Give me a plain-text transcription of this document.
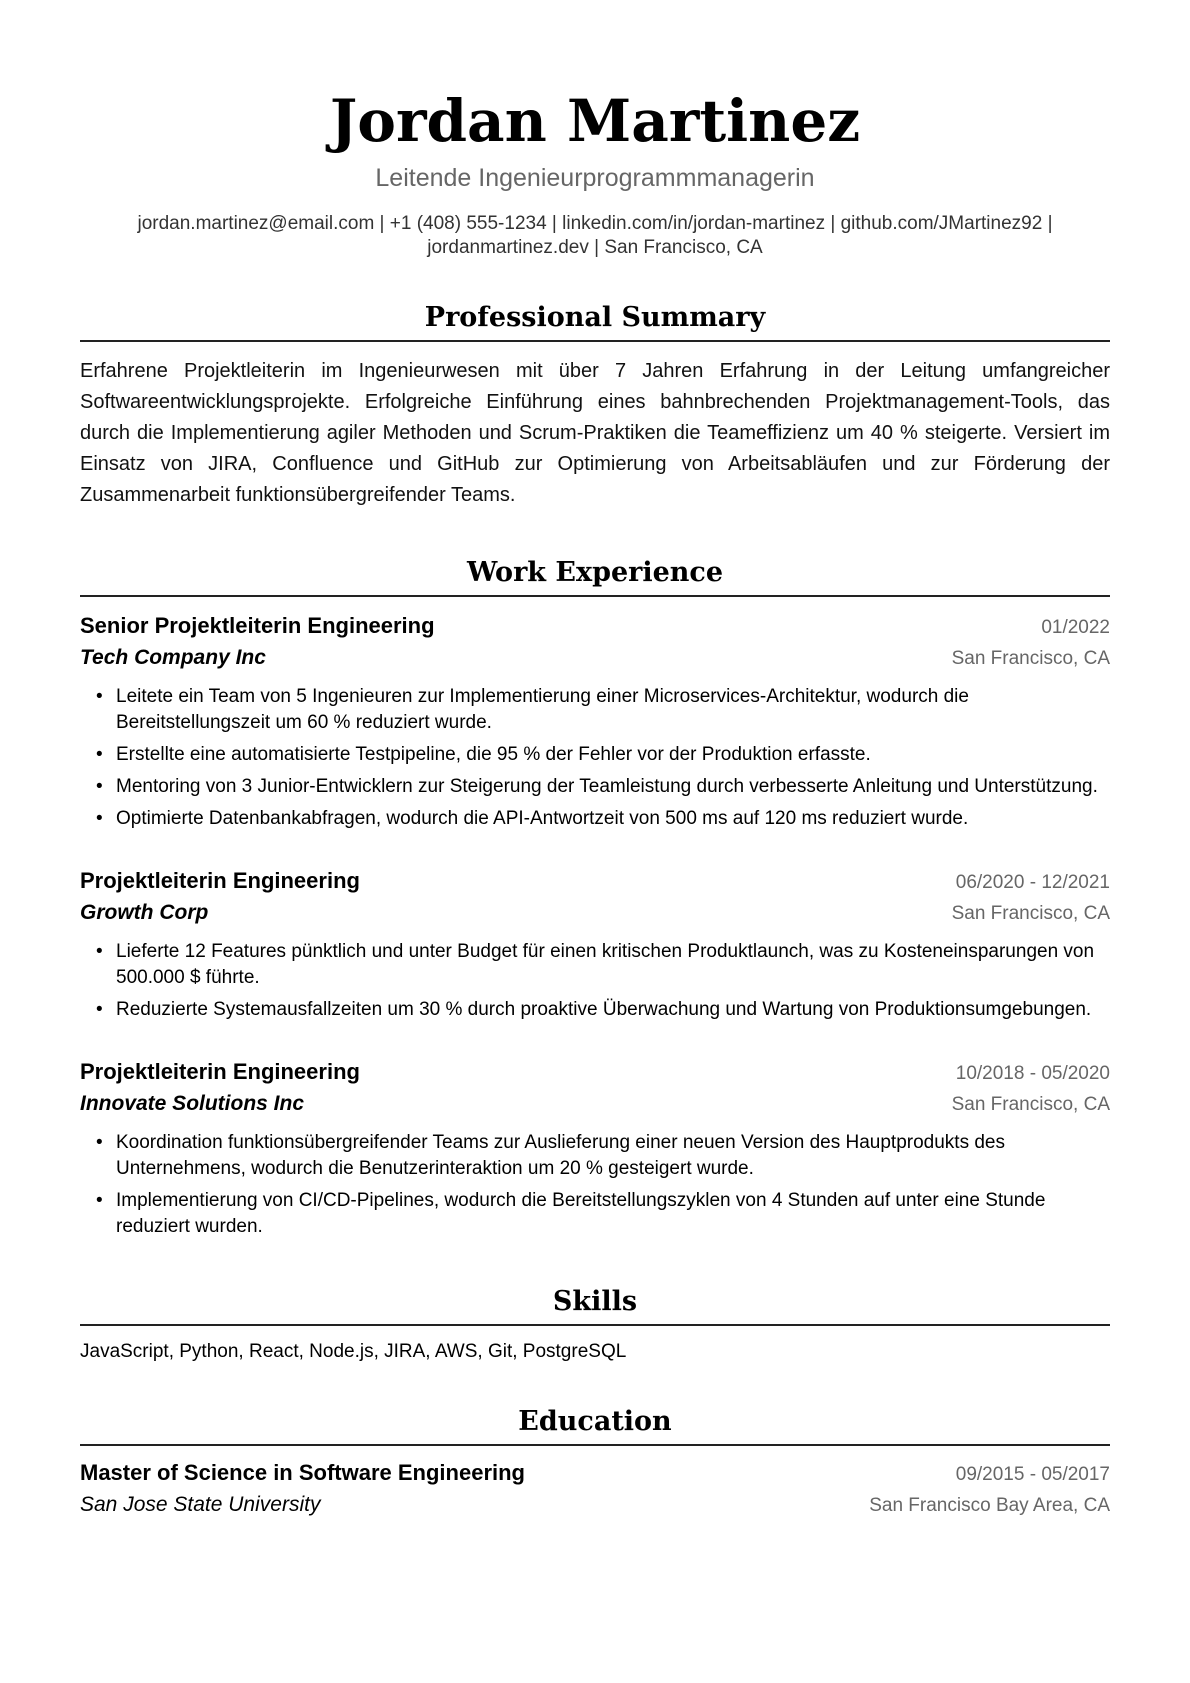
Jordan Martinez
Leitende Ingenieurprogrammmanagerin
jordan.martinez@email.com | +1 (408) 555-1234 | linkedin.com/in/jordan-martinez | github.com/JMartinez92 |
jordanmartinez.dev | San Francisco, CA
Professional Summary
Erfahrene Projektleiterin im Ingenieurwesen mit über 7 Jahren Erfahrung in der Leitung umfangreicher Softwareentwicklungsprojekte. Erfolgreiche Einführung eines bahnbrechenden Projektmanagement-Tools, das durch die Implementierung agiler Methoden und Scrum-Praktiken die Teameffizienz um 40 % steigerte. Versiert im Einsatz von JIRA, Confluence und GitHub zur Optimierung von Arbeitsabläufen und zur Förderung der Zusammenarbeit funktionsübergreifender Teams.
Work Experience
Senior Projektleiterin Engineering	01/2022
Tech Company Inc	San Francisco, CA
• Leitete ein Team von 5 Ingenieuren zur Implementierung einer Microservices-Architektur, wodurch die Bereitstellungszeit um 60 % reduziert wurde.
• Erstellte eine automatisierte Testpipeline, die 95 % der Fehler vor der Produktion erfasste.
• Mentoring von 3 Junior-Entwicklern zur Steigerung der Teamleistung durch verbesserte Anleitung und Unterstützung.
• Optimierte Datenbankabfragen, wodurch die API-Antwortzeit von 500 ms auf 120 ms reduziert wurde.
Projektleiterin Engineering	06/2020 - 12/2021
Growth Corp	San Francisco, CA
• Lieferte 12 Features pünktlich und unter Budget für einen kritischen Produktlaunch, was zu Kosteneinsparungen von 500.000 $ führte.
• Reduzierte Systemausfallzeiten um 30 % durch proaktive Überwachung und Wartung von Produktionsumgebungen.
Projektleiterin Engineering	10/2018 - 05/2020
Innovate Solutions Inc	San Francisco, CA
• Koordination funktionsübergreifender Teams zur Auslieferung einer neuen Version des Hauptprodukts des Unternehmens, wodurch die Benutzerinteraktion um 20 % gesteigert wurde.
• Implementierung von CI/CD-Pipelines, wodurch die Bereitstellungszyklen von 4 Stunden auf unter eine Stunde reduziert wurden.
Skills
JavaScript, Python, React, Node.js, JIRA, AWS, Git, PostgreSQL
Education
Master of Science in Software Engineering	09/2015 - 05/2017
San Jose State University	San Francisco Bay Area, CA
